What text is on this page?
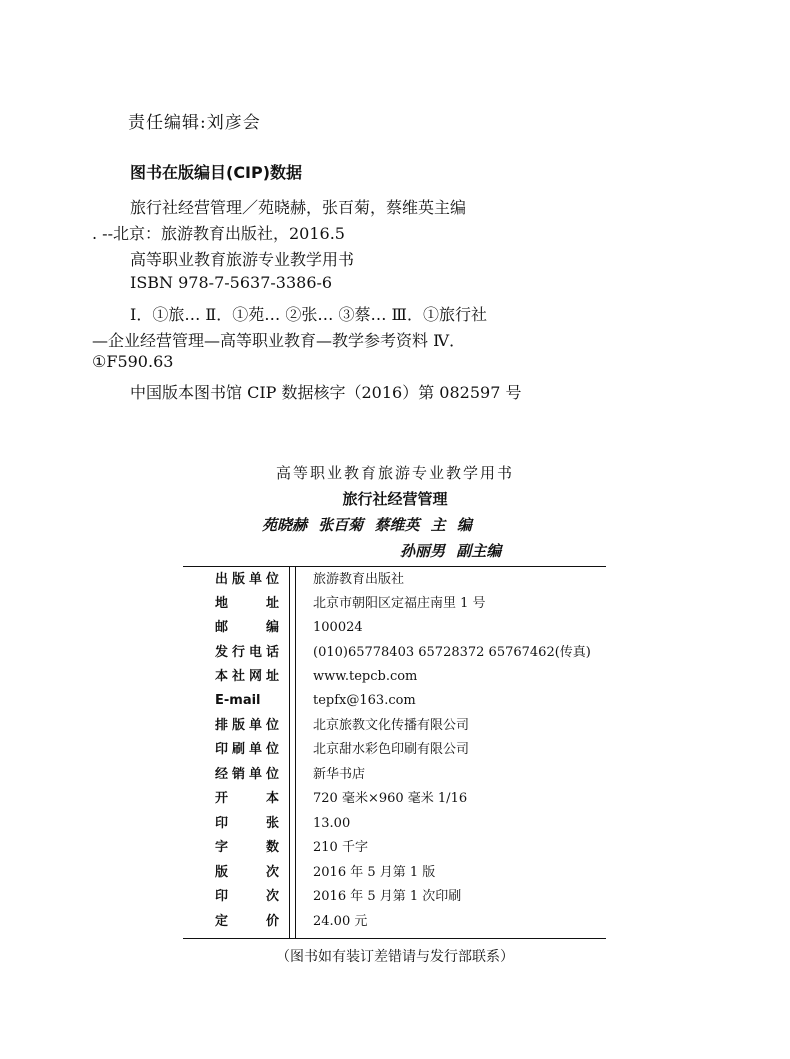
责任编辑:刘彦会
图书在版编目(CIP)数据
旅行社经营管理／苑晓赫，张百菊，蔡维英主编
. --北京：旅游教育出版社，2016.5
高等职业教育旅游专业教学用书
ISBN 978-7-5637-3386-6
Ⅰ．①旅… Ⅱ．①苑… ②张… ③蔡… Ⅲ．①旅行社
—企业经营管理—高等职业教育—教学参考资料 Ⅳ．
①F590.63
中国版本图书馆 CIP 数据核字（2016）第 082597 号
高等职业教育旅游专业教学用书
旅行社经营管理
苑晓赫 张百菊 蔡维英 主 编
孙丽男 副主编
出版单位	旅游教育出版社
地址	北京市朝阳区定福庄南里 1 号
邮编	100024
发行电话	(010)65778403 65728372 65767462(传真)
本社网址	www.tepcb.com
E-mail	tepfx@163.com
排版单位	北京旅教文化传播有限公司
印刷单位	北京甜水彩色印刷有限公司
经销单位	新华书店
开本	720 毫米×960 毫米 1/16
印张	13.00
字数	210 千字
版次	2016 年 5 月第 1 版
印次	2016 年 5 月第 1 次印刷
定价	24.00 元
（图书如有装订差错请与发行部联系）
